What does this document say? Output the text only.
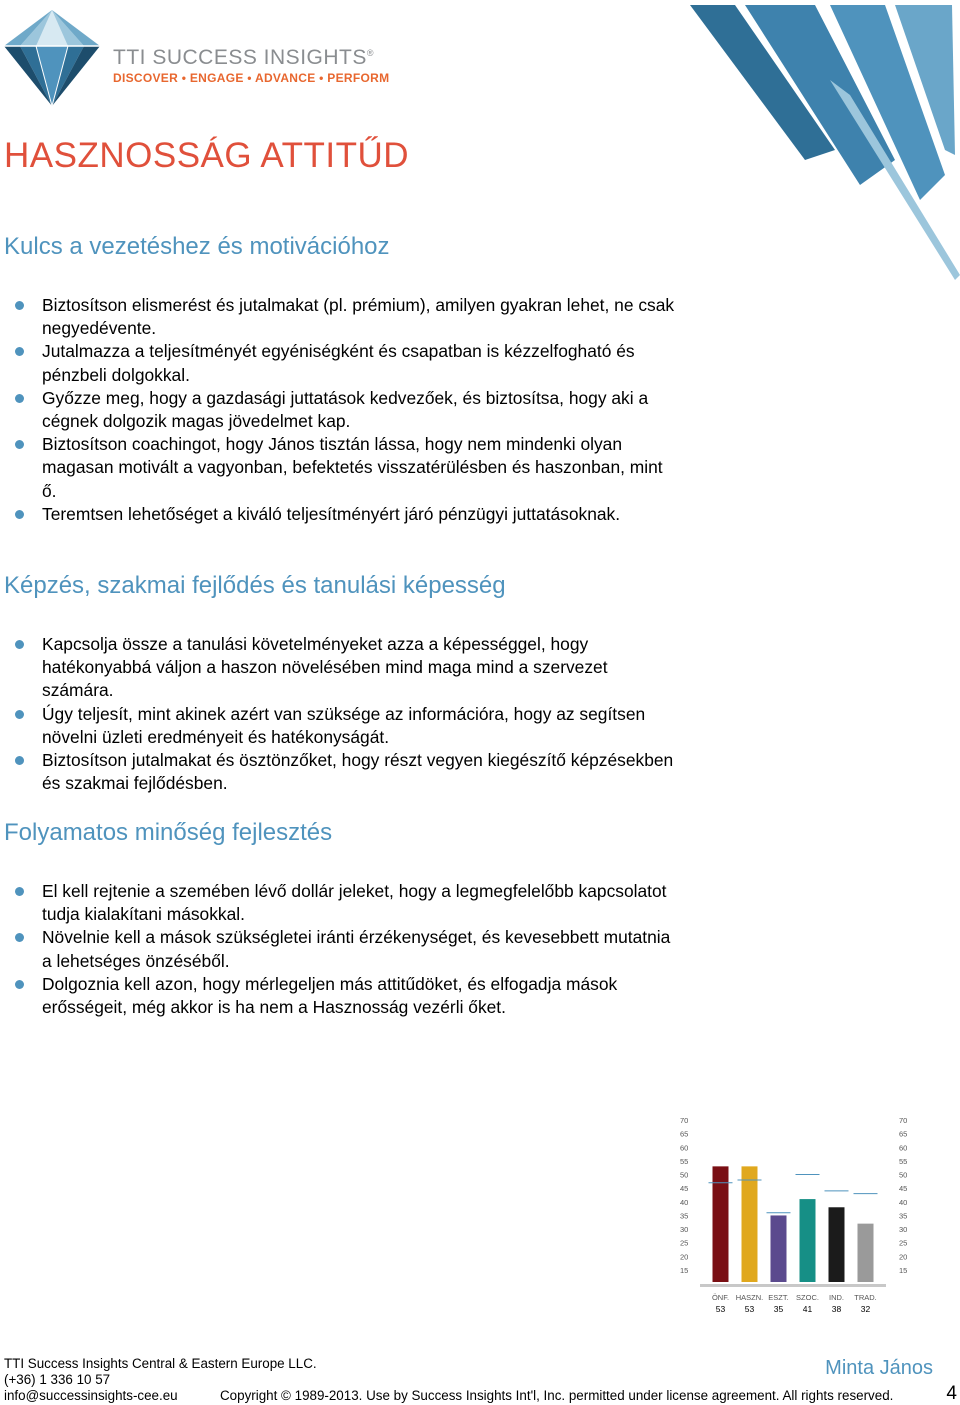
TTI SUCCESS INSIGHTS®
DISCOVER • ENGAGE • ADVANCE • PERFORM
HASZNOSSÁG ATTITŰD
Kulcs a vezetéshez és motivációhoz
Biztosítson elismerést és jutalmakat (pl. prémium), amilyen gyakran lehet, ne csak negyedévente.
Jutalmazza a teljesítményét egyéniségként és csapatban is kézzelfogható és pénzbeli dolgokkal.
Győzze meg, hogy a gazdasági juttatások kedvezőek, és biztosítsa, hogy aki a cégnek dolgozik magas jövedelmet kap.
Biztosítson coachingot, hogy János tisztán lássa, hogy nem mindenki olyan magasan motivált a vagyonban, befektetés visszatérülésben és haszonban, mint ő.
Teremtsen lehetőséget a kiváló teljesítményért járó pénzügyi juttatásoknak.
Képzés, szakmai fejlődés és tanulási képesség
Kapcsolja össze a tanulási követelményeket azza a képességgel, hogy hatékonyabbá váljon a haszon növelésében mind maga mind a szervezet számára.
Úgy teljesít, mint akinek azért van szüksége az információra, hogy az segítsen növelni üzleti eredményeit és hatékonyságát.
Biztosítson jutalmakat és ösztönzőket, hogy részt vegyen kiegészítő képzésekben és szakmai fejlődésben.
Folyamatos minőség fejlesztés
El kell rejtenie a szemében lévő dollár jeleket, hogy a legmegfelelőbb kapcsolatot tudja kialakítani másokkal.
Növelnie kell a mások szükségletei iránti érzékenységet, és kevesebbett mutatnia a lehetséges önzéséből.
Dolgoznia kell azon, hogy mérlegeljen más attitűdöket, és elfogadja mások erősségeit, még akkor is ha nem a Hasznosság vezérli őket.
15	15
20	20
25	25
30	30
35	35
40	40
45	45
50	50
55	55
60	60
65	65
70	70
ÖNF.
53
HASZN.
53
ESZT.
35
SZOC.
41
IND.
38
TRAD.
32
TTI Success Insights Central & Eastern Europe LLC.
(+36) 1 336 10 57
info@successinsights-cee.eu	Copyright © 1989-2013. Use by Success Insights Int'l, Inc. permitted under license agreement. All rights reserved.
Minta János
4
